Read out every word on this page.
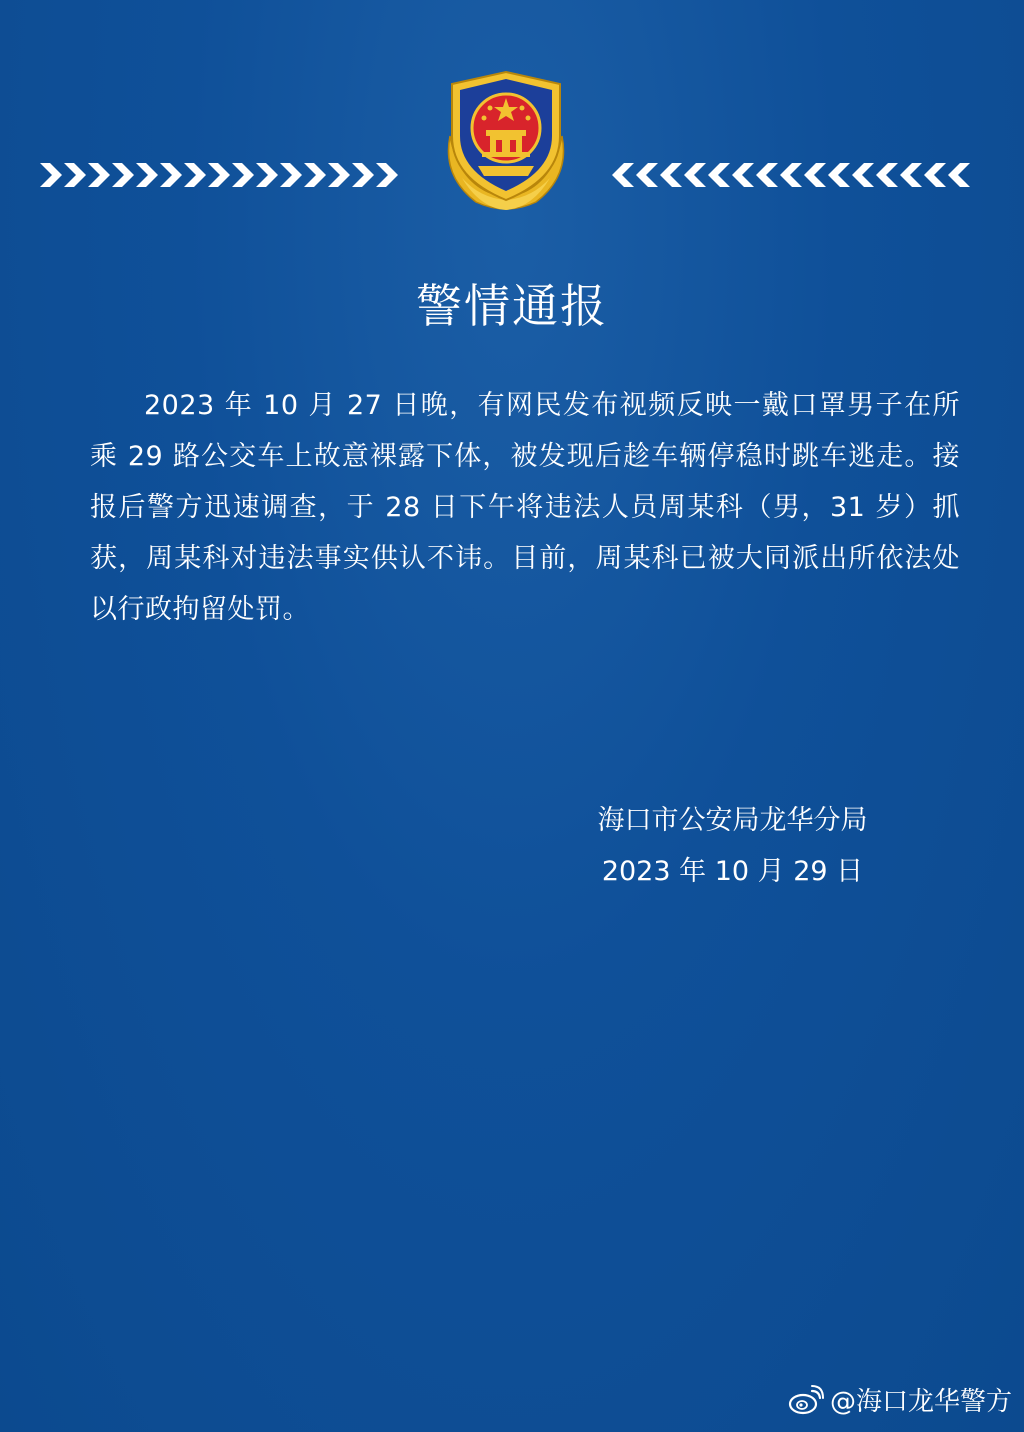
警情通报
2023 年 10 月 27 日晚，有网民发布视频反映一戴口罩男子在所乘 29 路公交车上故意裸露下体，被发现后趁车辆停稳时跳车逃走。接报后警方迅速调查，于 28 日下午将违法人员周某科（男，31 岁）抓获，周某科对违法事实供认不讳。目前，周某科已被大同派出所依法处以行政拘留处罚。
海口市公安局龙华分局
2023 年 10 月 29 日
@海口龙华警方
